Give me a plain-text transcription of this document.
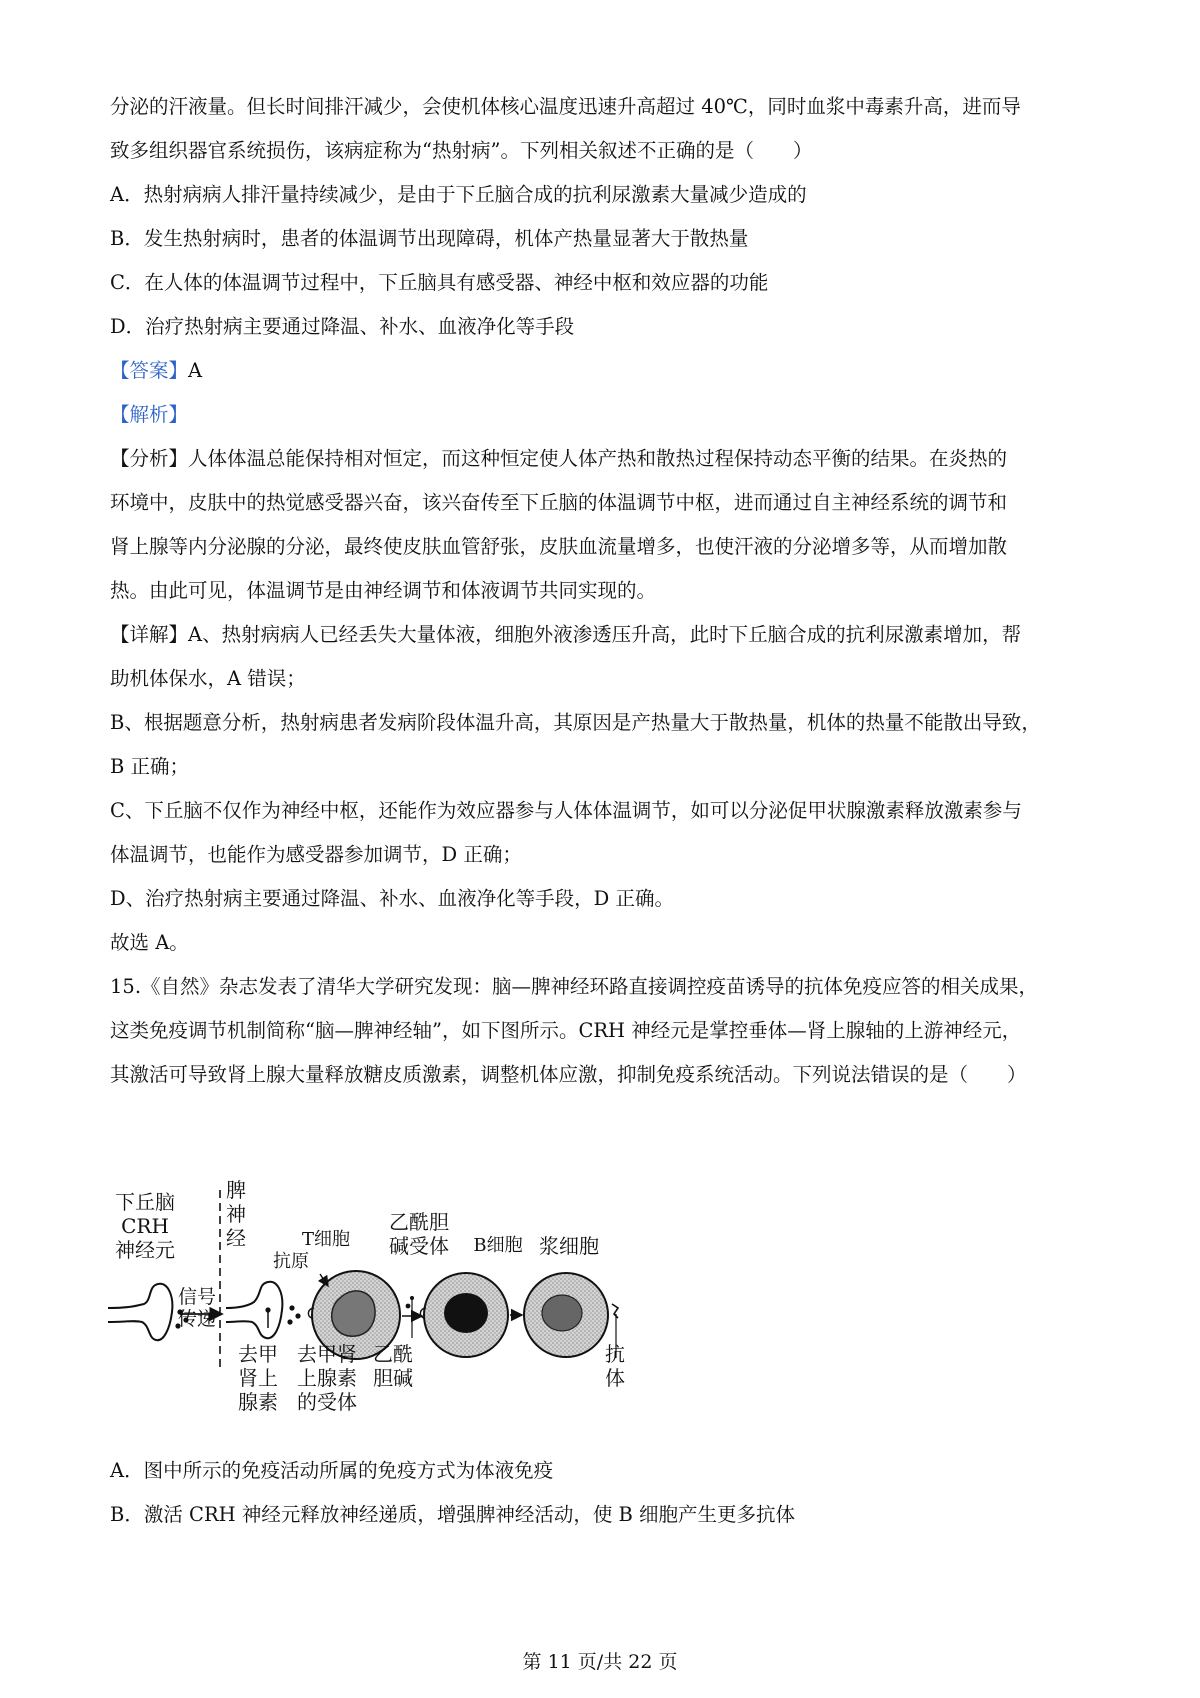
分泌的汗液量。但长时间排汗减少，会使机体核心温度迅速升高超过 40℃，同时血浆中毒素升高，进而导
致多组织器官系统损伤，该病症称为“热射病”。下列相关叙述不正确的是（　　）
A．热射病病人排汗量持续减少，是由于下丘脑合成的抗利尿激素大量减少造成的
B．发生热射病时，患者的体温调节出现障碍，机体产热量显著大于散热量
C．在人体的体温调节过程中，下丘脑具有感受器、神经中枢和效应器的功能
D．治疗热射病主要通过降温、补水、血液净化等手段
【答案】A
【解析】
【分析】人体体温总能保持相对恒定，而这种恒定使人体产热和散热过程保持动态平衡的结果。在炎热的
环境中，皮肤中的热觉感受器兴奋，该兴奋传至下丘脑的体温调节中枢，进而通过自主神经系统的调节和
肾上腺等内分泌腺的分泌，最终使皮肤血管舒张，皮肤血流量增多，也使汗液的分泌增多等，从而增加散
热。由此可见，体温调节是由神经调节和体液调节共同实现的。
【详解】A、热射病病人已经丢失大量体液，细胞外液渗透压升高，此时下丘脑合成的抗利尿激素增加，帮
助机体保水，A 错误；
B、根据题意分析，热射病患者发病阶段体温升高，其原因是产热量大于散热量，机体的热量不能散出导致，
B 正确；
C、下丘脑不仅作为神经中枢，还能作为效应器参与人体体温调节，如可以分泌促甲状腺激素释放激素参与
体温调节，也能作为感受器参加调节，D 正确；
D、治疗热射病主要通过降温、补水、血液净化等手段，D 正确。
故选 A。
15.《自然》杂志发表了清华大学研究发现：脑—脾神经环路直接调控疫苗诱导的抗体免疫应答的相关成果，
这类免疫调节机制简称“脑—脾神经轴”，如下图所示。CRH 神经元是掌控垂体—肾上腺轴的上游神经元，
其激活可导致肾上腺大量释放糖皮质激素，调整机体应激，抑制免疫系统活动。下列说法错误的是（　　）
下丘脑
CRH
神经元
脾
神
经
信号
传递
T细胞
抗原
乙酰胆
碱受体 B细胞 浆细胞
去甲
肾上
腺素
去甲肾
上腺素
的受体
乙酰
胆碱
抗
体
A．图中所示的免疫活动所属的免疫方式为体液免疫
B．激活 CRH 神经元释放神经递质，增强脾神经活动，使 B 细胞产生更多抗体
第 11 页/共 22 页
